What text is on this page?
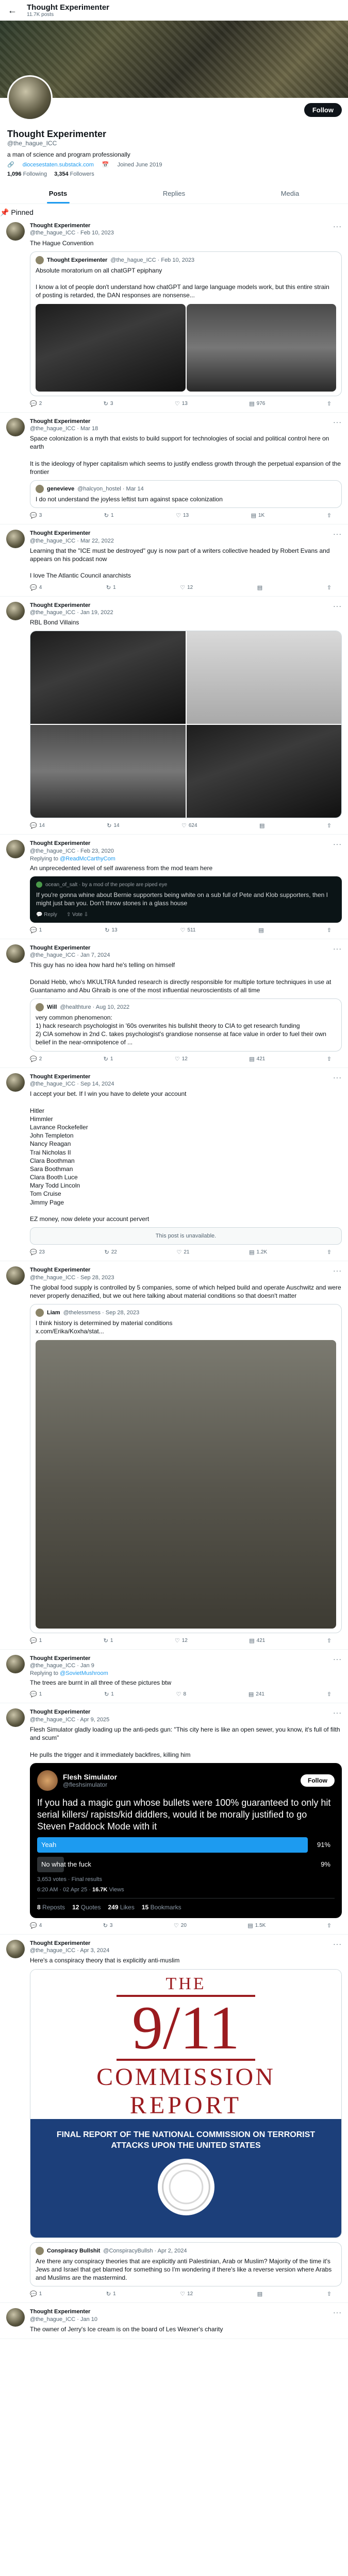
← Thought Experimenter
11.7K posts
Follow
Thought Experimenter
@the_hague_ICC
a man of science and program professionally
🔗 diocesestaten.substack.com 📅 Joined June 2019
1,096 Following 3,354 Followers
Posts	Replies	Media
📌 Pinned
Thought Experimenter
@the_hague_ICC · Feb 10, 2023
The Hague Convention
Thought Experimenter @the_hague_ICC · Feb 10, 2023
Absolute moratorium on all chatGPT epiphany

I know a lot of people don't understand how chatGPT and large language models work, but this entire strain of posting is retarded, the DAN responses are nonsense...
💬 2	↻ 3	♡ 13	▤ 976	⇧
···
Thought Experimenter
@the_hague_ICC · Mar 18
Space colonization is a myth that exists to build support for technologies of social and political control here on earth

It is the ideology of hyper capitalism which seems to justify endless growth through the perpetual expansion of the frontier
genevieve @halcyon_hostel · Mar 14
I do not understand the joyless leftist turn against space colonization
💬 3	↻ 1	♡ 13	▤ 1K	⇧
···
Thought Experimenter
@the_hague_ICC · Mar 22, 2022
Learning that the "ICE must be destroyed" guy is now part of a writers collective headed by Robert Evans and appears on his podcast now

I love The Atlantic Council anarchists
💬 4	↻ 1	♡ 12	▤	⇧
···
Thought Experimenter
@the_hague_ICC · Jan 19, 2022
RBL Bond Villains
💬 14	↻ 14	♡ 624	▤	⇧
···
Thought Experimenter
@the_hague_ICC · Feb 23, 2020
Replying to @ReadMcCarthyCom
An unprecedented level of self awareness from the mod team here
ocean_of_salt · by a mod of the people are piped eye
If you're gonna whine about Bernie supporters being white on a sub full of Pete and Klob supporters, then I might just ban you. Don't throw stones in a glass house
💬 Reply ⇧ Vote ⇩
💬 1	↻ 13	♡ 511	▤	⇧
···
Thought Experimenter
@the_hague_ICC · Jan 7, 2024
This guy has no idea how hard he's telling on himself

Donald Hebb, who's MKULTRA funded research is directly responsible for multiple torture techniques in use at Guantanamo and Abu Ghraib is one of the most influential neuroscientists of all time
Will @healthture · Aug 10, 2022
very common phenomenon:
1) hack research psychologist in '60s overwrites his bullshit theory to CIA to get research funding
2) CIA somehow in 2nd C. takes psychologist's grandiose nonsense at face value in order to fuel their own belief in the near-omnipotence of ...
💬 2	↻ 1	♡ 12	▤ 421	⇧
···
Thought Experimenter
@the_hague_ICC · Sep 14, 2024
I accept your bet. If I win you have to delete your account

Hitler
Himmler
Lavrance Rockefeller
John Templeton
Nancy Reagan
Trai Nicholas II
Clara Boothman
Sara Boothman
Clara Booth Luce
Mary Todd Lincoln
Tom Cruise
Jimmy Page

EZ money, now delete your account pervert
This post is unavailable.
💬 23	↻ 22	♡ 21	▤ 1.2K	⇧
···
Thought Experimenter
@the_hague_ICC · Sep 28, 2023
The global food supply is controlled by 5 companies, some of which helped build and operate Auschwitz and were never properly denazified, but we out here talking about material conditions so that doesn't matter
Liam @thelessmess · Sep 28, 2023
I think history is determined by material conditions
x.com/Erika/Koxha/stat...
💬 1	↻ 1	♡ 12	▤ 421	⇧
···
Thought Experimenter
@the_hague_ICC · Jan 9
Replying to @SovietMushroom
The trees are burnt in all three of these pictures btw
💬 1	↻ 1	♡ 8	▤ 241	⇧
···
Thought Experimenter
@the_hague_ICC · Apr 9, 2025
Flesh Simulator gladly loading up the anti-peds gun: "This city here is like an open sewer, you know, it's full of filth and scum"

He pulls the trigger and it immediately backfires, killing him
Flesh Simulator
@fleshsimulator
Follow
If you had a magic gun whose bullets were 100% guaranteed to only hit serial killers/ rapists/kid diddlers, would it be morally justified to go Steven Paddock Mode with it
Yeah	91%
No what the fuck	9%
3,653 votes · Final results
6:20 AM · 02 Apr 25 · 16.7K Views
8 Reposts 12 Quotes 249 Likes 15 Bookmarks
💬 4	↻ 3	♡ 20	▤ 1.5K	⇧
···
Thought Experimenter
@the_hague_ICC · Apr 3, 2024
Here's a conspiracy theory that is explicitly anti-muslim
THE
9/11
COMMISSION
REPORT
FINAL REPORT OF THE NATIONAL COMMISSION ON TERRORIST ATTACKS UPON THE UNITED STATES
Conspiracy Bullshit @ConspiracyBullsh · Apr 2, 2024
Are there any conspiracy theories that are explicitly anti Palestinian, Arab or Muslim? Majority of the time it's Jews and Israel that get blamed for something so I'm wondering if there's like a reverse version where Arabs and Muslims are the mastermind.
💬 1	↻ 1	♡ 12	▤	⇧
···
Thought Experimenter
@the_hague_ICC · Jan 10
The owner of Jerry's Ice cream is on the board of Les Wexner's charity
···
